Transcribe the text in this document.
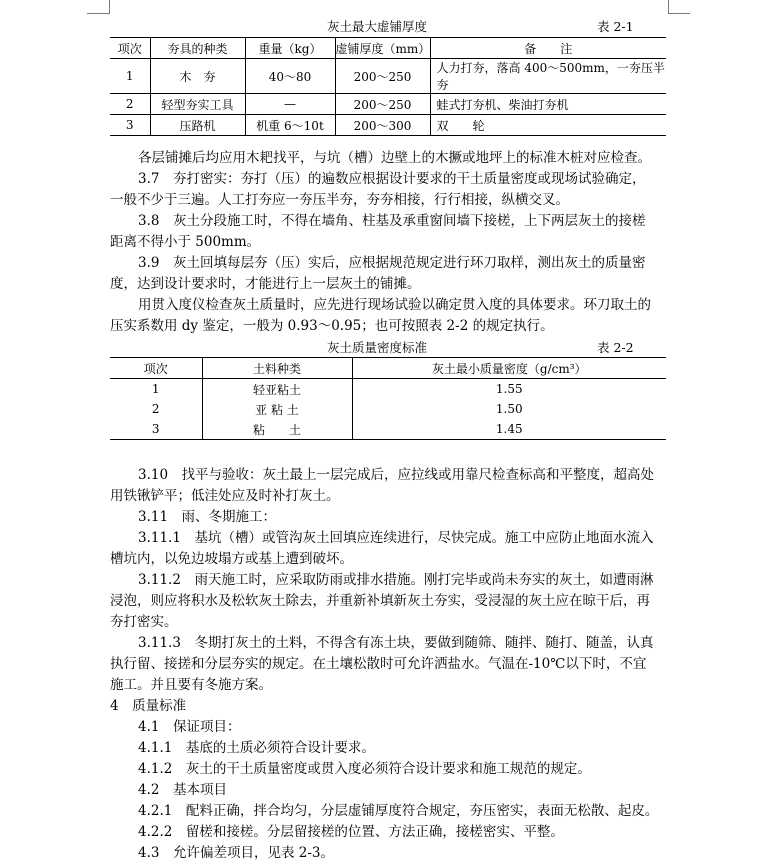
灰土最大虚铺厚度	表 2-1
项次	夯具的种类	重量（kg）	虚铺厚度（mm）	备　　注
1	木　夯	40～80	200～250	人力打夯，落高 400～500mm，一夯压半夯
2	轻型夯实工具	—	200～250	蛙式打夯机、柴油打夯机
3	压路机	机重 6～10t	200～300	双　　轮
各层铺摊后均应用木耙找平，与坑（槽）边壁上的木撅或地坪上的标准木桩对应检查。
3.7　夯打密实：夯打（压）的遍数应根据设计要求的干土质量密度或现场试验确定，
一般不少于三遍。人工打夯应一夯压半夯，夯夯相接，行行相接，纵横交叉。
3.8　灰土分段施工时，不得在墙角、柱基及承重窗间墙下接槎，上下两层灰土的接槎
距离不得小于 500mm。
3.9　灰土回填每层夯（压）实后，应根据规范规定进行环刀取样，测出灰土的质量密
度，达到设计要求时，才能进行上一层灰土的铺摊。
用贯入度仪检查灰土质量时，应先进行现场试验以确定贯入度的具体要求。环刀取土的
压实系数用 dy 鉴定，一般为 0.93～0.95；也可按照表 2-2 的规定执行。
灰土质量密度标准	表 2-2
项次	土料种类	灰土最小质量密度（g/cm³）
1	轻亚粘土	1.55
2	亚 粘 土	1.50
3	粘　　土	1.45
3.10　找平与验收：灰土最上一层完成后，应拉线或用靠尺检查标高和平整度，超高处
用铁锹铲平；低洼处应及时补打灰土。
3.11　雨、冬期施工：
3.11.1　基坑（槽）或管沟灰土回填应连续进行，尽快完成。施工中应防止地面水流入
槽坑内，以免边坡塌方或基上遭到破坏。
3.11.2　雨天施工时，应采取防雨或排水措施。刚打完毕或尚未夯实的灰土，如遭雨淋
浸泡，则应将积水及松软灰土除去，并重新补填新灰土夯实，受浸湿的灰土应在晾干后，再
夯打密实。
3.11.3　冬期打灰土的土料，不得含有冻土块，要做到随筛、随拌、随打、随盖，认真
执行留、接搓和分层夯实的规定。在土壤松散时可允许洒盐水。气温在-10℃以下时，不宜
施工。并且要有冬施方案。
4　质量标准
4.1　保证项目：
4.1.1　基底的土质必须符合设计要求。
4.1.2　灰土的干土质量密度或贯入度必须符合设计要求和施工规范的规定。
4.2　基本项目
4.2.1　配料正确，拌合均匀，分层虚铺厚度符合规定，夯压密实，表面无松散、起皮。
4.2.2　留槎和接槎。分层留接槎的位置、方法正确，接槎密实、平整。
4.3　允许偏差项目，见表 2-3。
